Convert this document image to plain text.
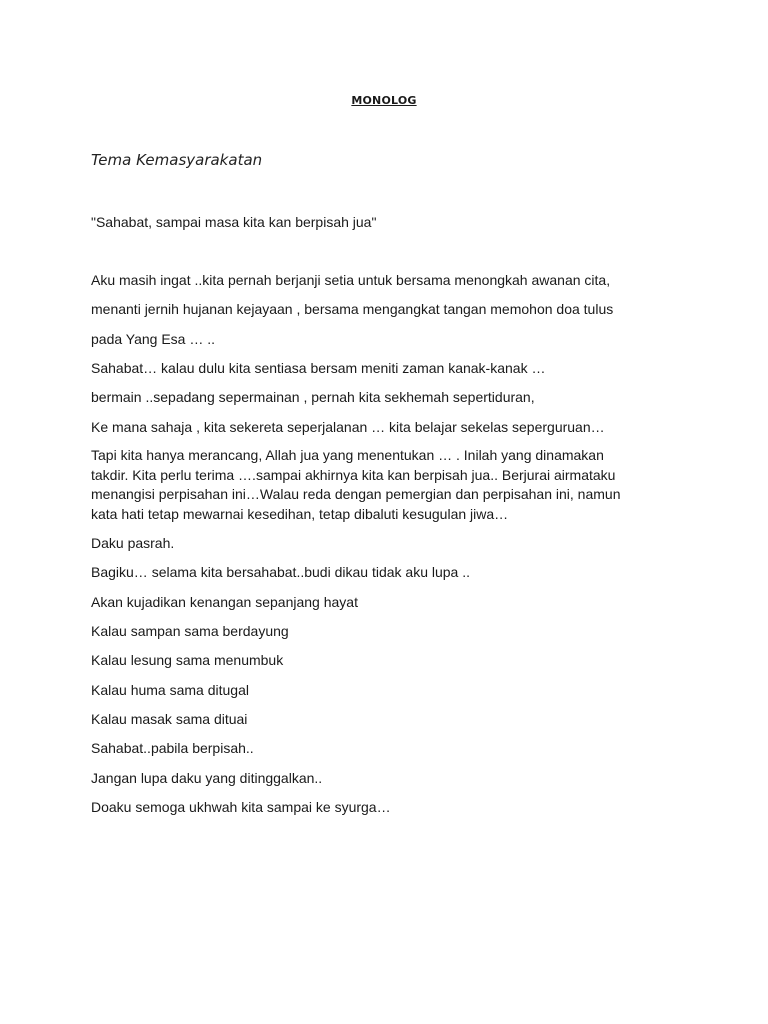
MONOLOG
Tema Kemasyarakatan
"Sahabat, sampai masa kita kan berpisah jua"
Aku masih ingat ..kita pernah berjanji setia untuk bersama menongkah awanan cita,
menanti jernih hujanan kejayaan , bersama mengangkat tangan memohon doa tulus
pada Yang Esa … ..
Sahabat… kalau dulu kita sentiasa bersam meniti zaman kanak-kanak …
bermain ..sepadang sepermainan , pernah kita sekhemah sepertiduran,
Ke mana sahaja , kita sekereta seperjalanan … kita belajar sekelas seperguruan…
Tapi kita hanya merancang, Allah jua yang menentukan … . Inilah yang dinamakan
takdir. Kita perlu terima ….sampai akhirnya kita kan berpisah jua.. Berjurai airmataku
menangisi perpisahan ini…Walau reda dengan pemergian dan perpisahan ini, namun
kata hati tetap mewarnai kesedihan, tetap dibaluti kesugulan jiwa…
Daku pasrah.
Bagiku… selama kita bersahabat..budi dikau tidak aku lupa ..
Akan kujadikan kenangan sepanjang hayat
Kalau sampan sama berdayung
Kalau lesung sama menumbuk
Kalau huma sama ditugal
Kalau masak sama dituai
Sahabat..pabila berpisah..
Jangan lupa daku yang ditinggalkan..
Doaku semoga ukhwah kita sampai ke syurga…
